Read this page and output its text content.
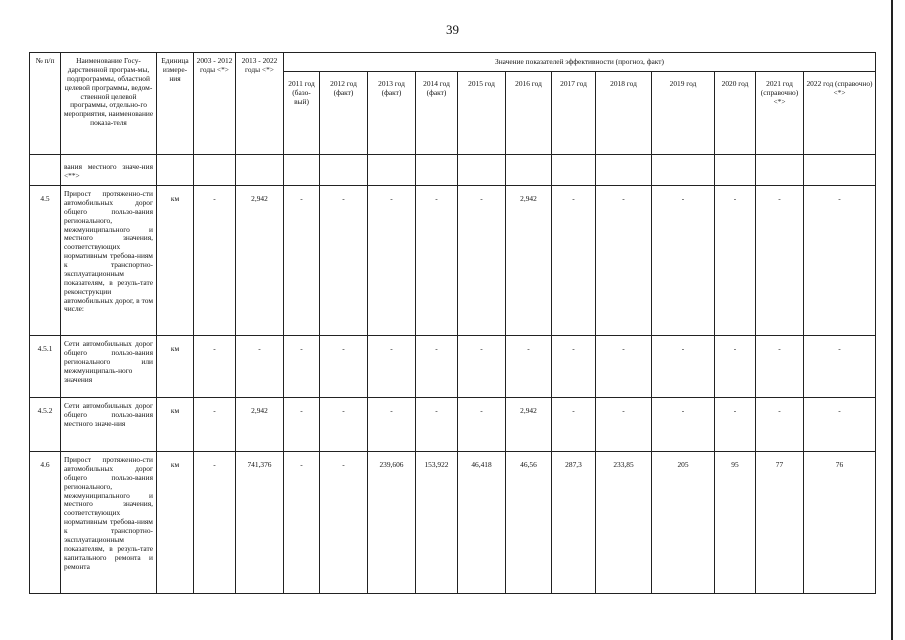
39
№ п/п	Наименование Госу-дарственной програм-мы, подпрограммы, областной целевой программы, ведом-ственной целевой программы, отдельно-го мероприятия, наименование показа-теля	Единица измере-ния	2003 - 2012 годы <*>	2013 - 2022 годы <*>	Значение показателей эффективности (прогноз, факт)											
					2011 год (базо-вый)	2012 год (факт)	2013 год (факт)	2014 год (факт)	2015 год	2016 год	2017 год	2018 год	2019 год	2020 год	2021 год (справочно) <*>	2022 год (справочно) <*>
	вания местного значе-ния <**>															
4.5	Прирост протяженно-сти автомобильных дорог общего пользо-вания регионального, межмуниципального и местного значения, соответствующих нормативным требова-ниям к транспортно-эксплуатационным показателям, в резуль-тате реконструкции автомобильных дорог, в том числе:	км	-	2,942	-	-	-	-	-	2,942	-	-	-	-	-	-
4.5.1	Сети автомобильных дорог общего пользо-вания регионального или межмуниципаль-ного значения	км	-	-	-	-	-	-	-	-	-	-	-	-	-	-
4.5.2	Сети автомобильных дорог общего пользо-вания местного значе-ния	км	-	2,942	-	-	-	-	-	2,942	-	-	-	-	-	-
4.6	Прирост протяженно-сти автомобильных дорог общего пользо-вания регионального, межмуниципального и местного значения, соответствующих нормативным требова-ниям к транспортно-эксплуатационным показателям, в резуль-тате капитального ремонта и ремонта	км	-	741,376	-	-	239,606	153,922	46,418	46,56	287,3	233,85	205	95	77	76
